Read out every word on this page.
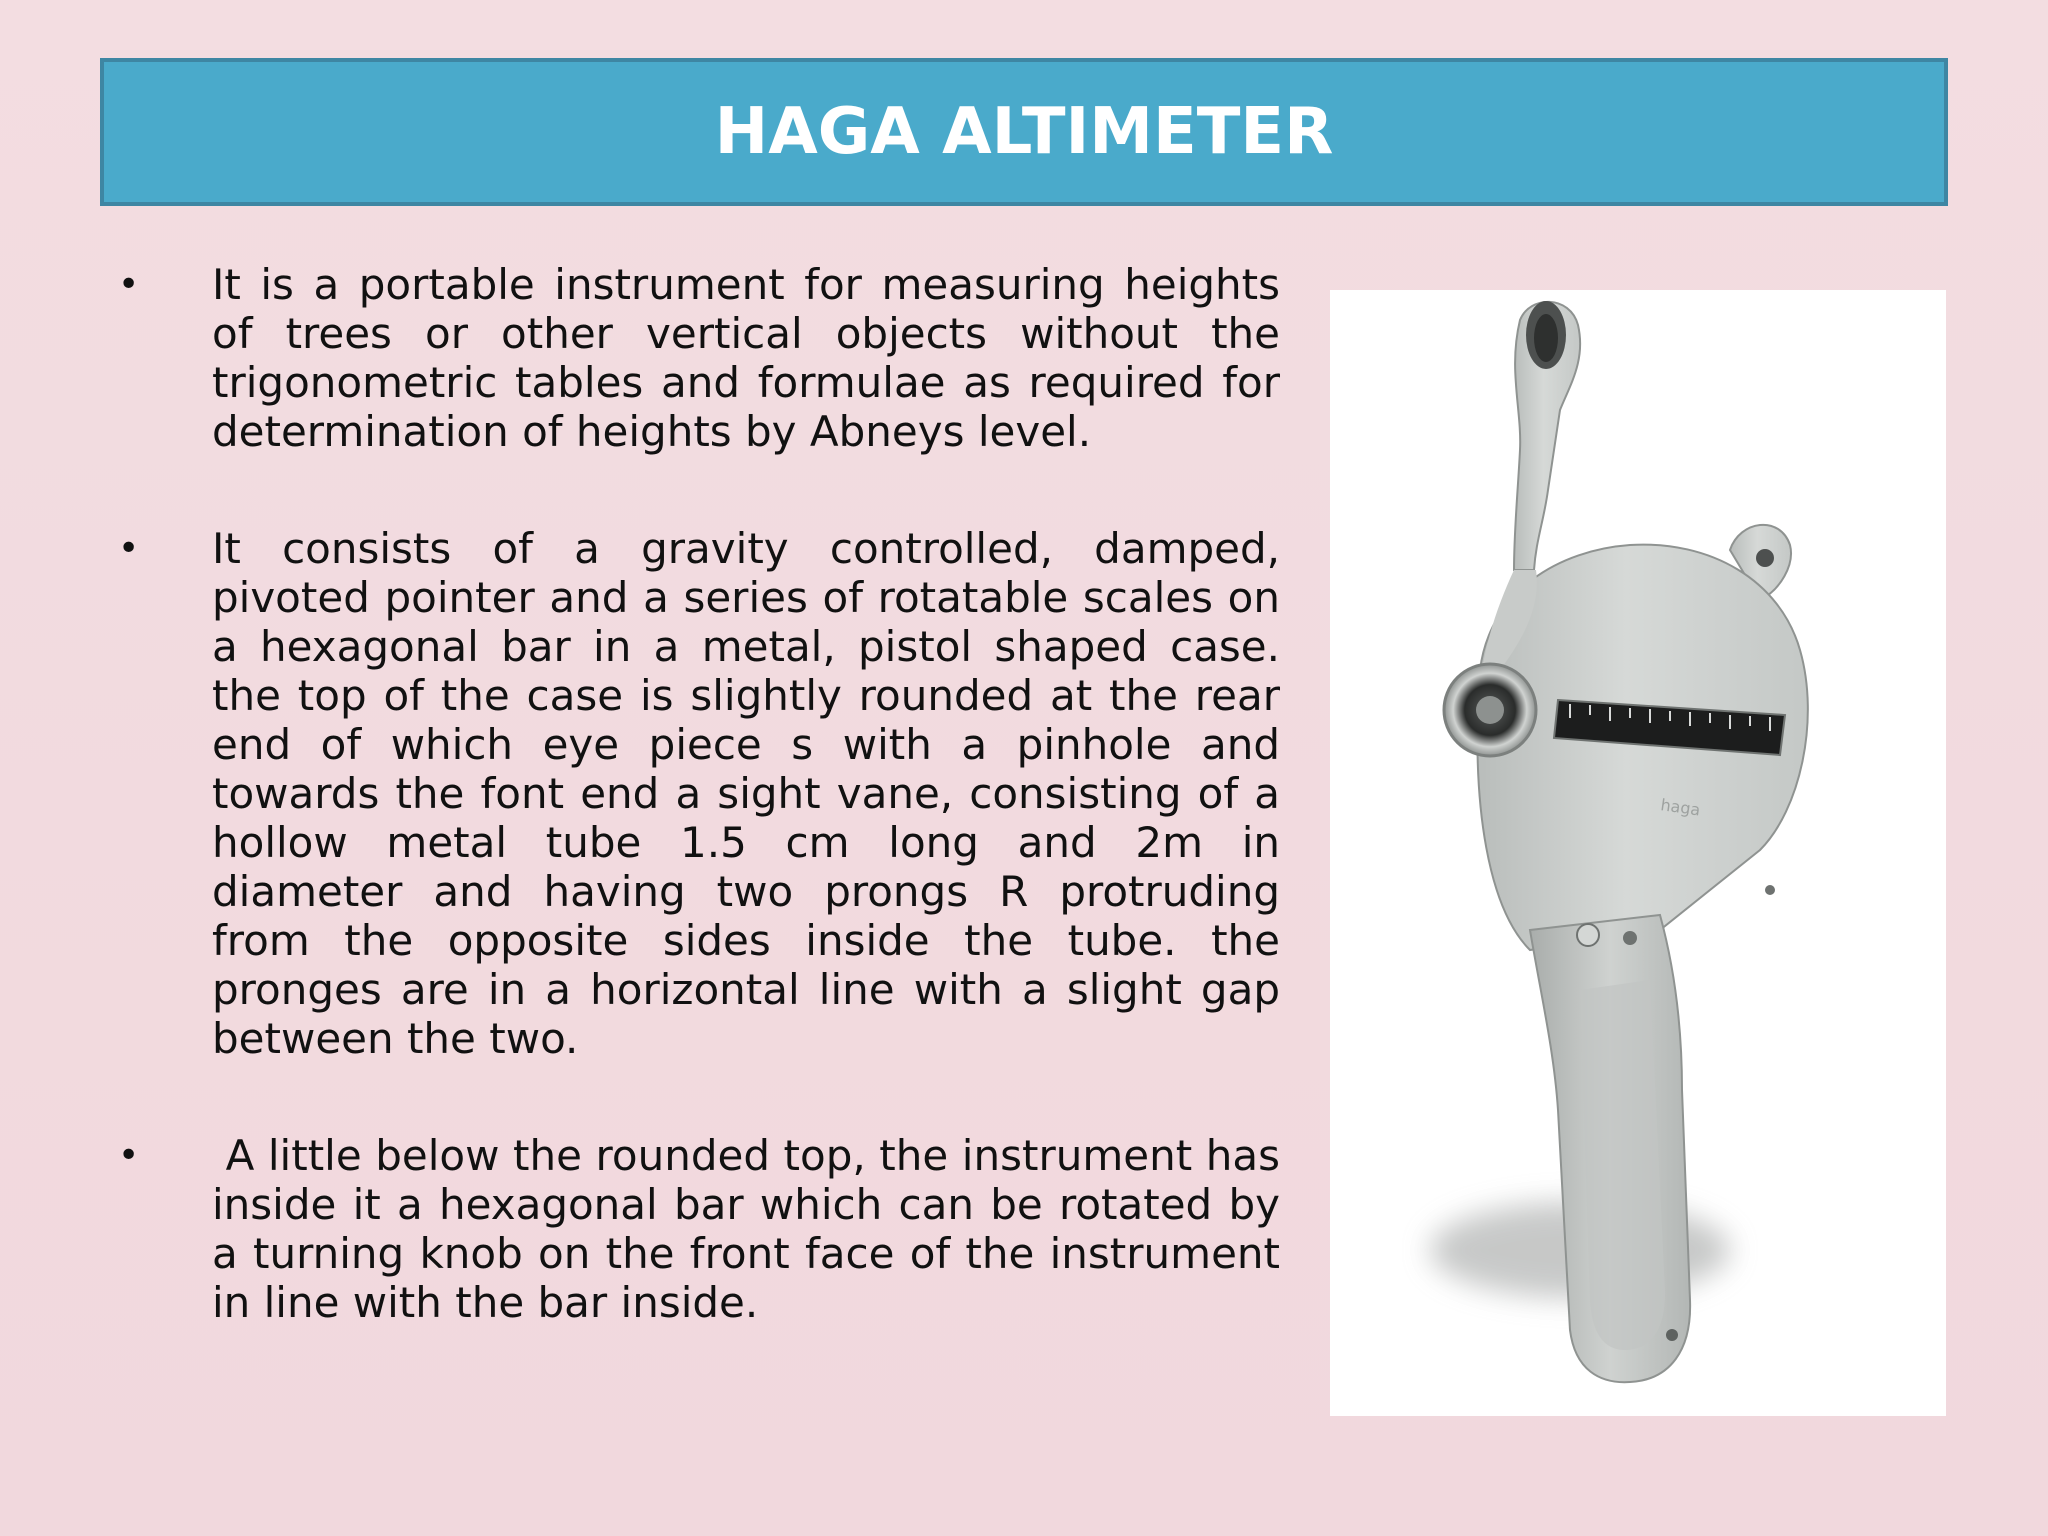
HAGA ALTIMETER
• It is a portable instrument for measuring heights of trees or other vertical objects without the trigonometric tables and formulae as required for determination of heights by Abneys level.
• It consists of a gravity controlled, damped, pivoted pointer and a series of rotatable scales on a hexagonal bar in a metal, pistol shaped case. the top of the case is slightly rounded at the rear end of which eye piece s with a pinhole and towards the font end a sight vane, consisting of a hollow metal tube 1.5 cm long and 2m in diameter and having two prongs R protruding from the opposite sides inside the tube. the pronges are in a horizontal line with a slight gap between the two.
• A little below the rounded top, the instrument has inside it a hexagonal bar which can be rotated by a turning knob on the front face of the instrument in line with the bar inside.
haga
